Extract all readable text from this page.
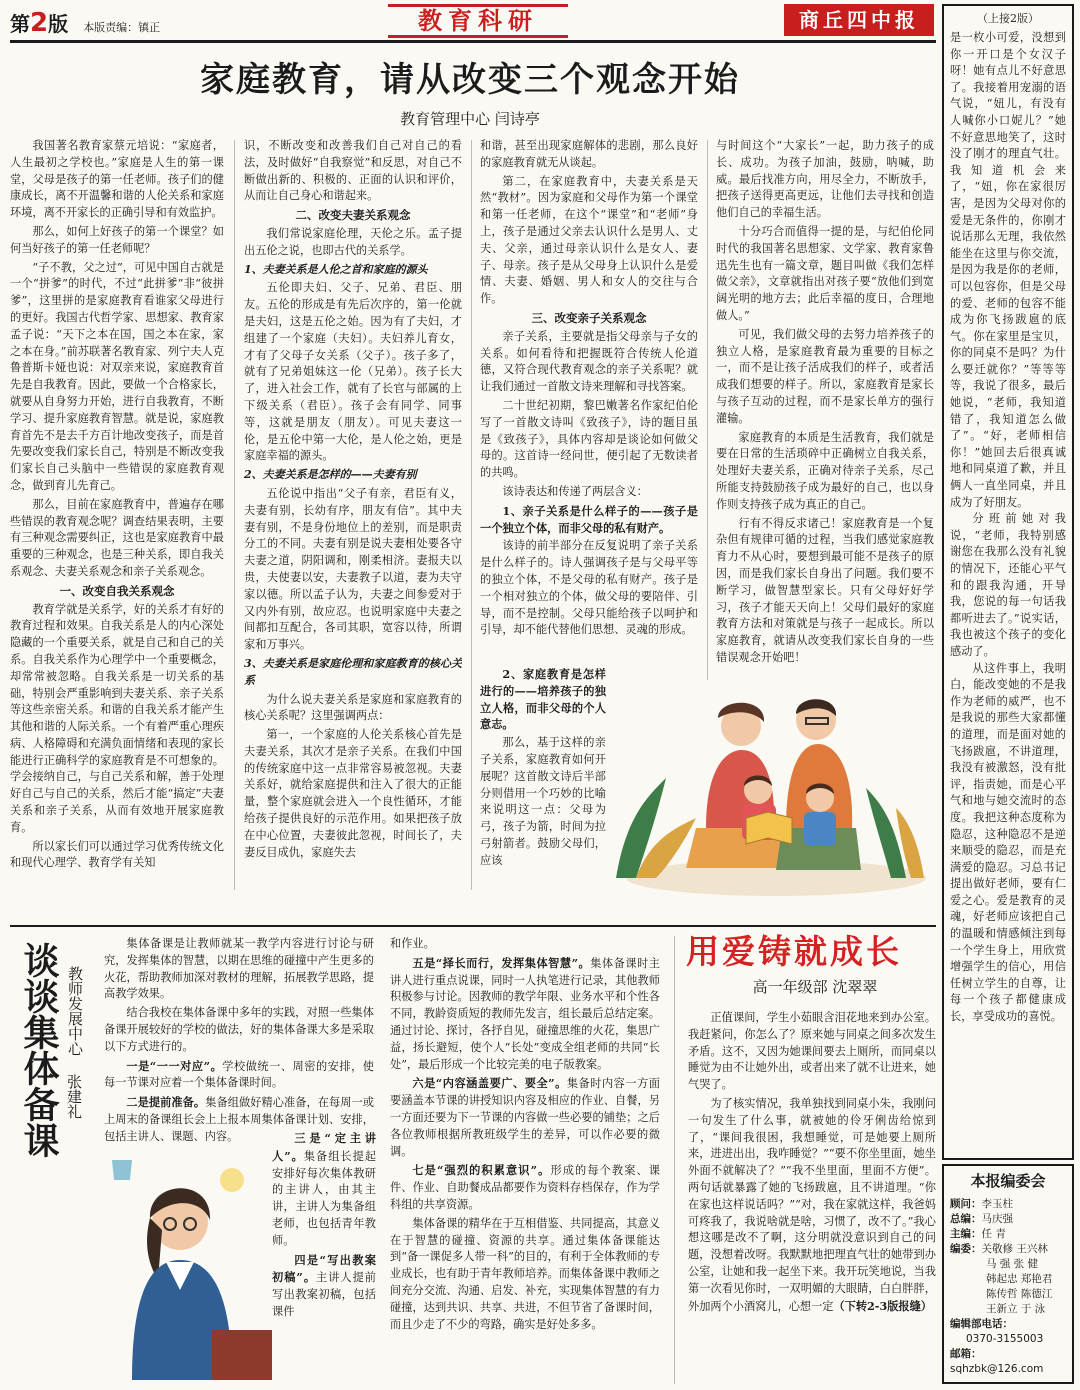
第2版 本版责编：镇正	教育科研	商丘四中报
家庭教育，请从改变三个观念开始
教育管理中心 闫诗亭

我国著名教育家蔡元培说：“家庭者，人生最初之学校也。”家庭是人生的第一课堂，父母是孩子的第一任老师。孩子们的健康成长，离不开温馨和谐的人伦关系和家庭环境，离不开家长的正确引导和有效监护。

那么，如何上好孩子的第一个课堂？如何当好孩子的第一任老师呢？

“子不教，父之过”，可见中国自古就是一个“拼爹”的时代，不过“此拼爹”非“彼拼爹”，这里拼的是家庭教育看谁家父母进行的更好。我国古代哲学家、思想家、教育家孟子说：“天下之本在国，国之本在家，家之本在身。”前苏联著名教育家、列宁夫人克鲁普斯卡娅也说：对双亲来说，家庭教育首先是自我教育。因此，要做一个合格家长，就要从自身努力开始，进行自我教育，不断学习、提升家庭教育智慧。就是说，家庭教育首先不是去千方百计地改变孩子，而是首先要改变我们家长自己，特别是不断改变我们家长自己头脑中一些错误的家庭教育观念，做到育儿先育己。

那么，目前在家庭教育中，普遍存在哪些错误的教育观念呢？调查结果表明，主要有三种观念需要纠正，这也是家庭教育中最重要的三种观念，也是三种关系，即自我关系观念、夫妻关系观念和亲子关系观念。

一、改变自我关系观念

教育学就是关系学，好的关系才有好的教育过程和效果。自我关系是人的内心深处隐藏的一个重要关系，就是自己和自己的关系。自我关系作为心理学中一个重要概念，却常常被忽略。自我关系是一切关系的基础，特别会严重影响到夫妻关系、亲子关系等这些亲密关系。和谐的自我关系才能产生其他和谐的人际关系。一个有着严重心理疾病、人格障碍和充满负面情绪和表现的家长能进行正确科学的家庭教育是不可想象的。学会接纳自己，与自己关系和解，善于处理好自己与自己的关系，然后才能“搞定”夫妻关系和亲子关系，从而有效地开展家庭教育。

所以家长们可以通过学习优秀传统文化和现代心理学、教育学有关知

识，不断改变和改善我们自己对自己的看法，及时做好“自我察觉”和反思，对自己不断做出新的、积极的、正面的认识和评价，从而让自己身心和谐起来。

二、改变夫妻关系观念

我们常说家庭伦理，天伦之乐。孟子提出五伦之说，也即古代的关系学。

1、夫妻关系是人伦之首和家庭的源头

五伦即夫妇、父子、兄弟、君臣、朋友。五伦的形成是有先后次序的，第一伦就是夫妇，这是五伦之始。因为有了夫妇，才组建了一个家庭（夫妇）。夫妇养儿育女，才有了父母子女关系（父子）。孩子多了，就有了兄弟姐妹这一伦（兄弟）。孩子长大了，进入社会工作，就有了长官与部属的上下级关系（君臣）。孩子会有同学、同事等，这就是朋友（朋友）。可见夫妻这一伦，是五伦中第一大伦，是人伦之始，更是家庭幸福的源头。

2、夫妻关系是怎样的——夫妻有别

五伦说中指出“父子有亲，君臣有义，夫妻有别，长幼有序，朋友有信”。其中夫妻有别，不是身份地位上的差别，而是职责分工的不同。夫妻有别是说夫妻相处要各守夫妻之道，阴阳调和，刚柔相济。妻报夫以贵，夫使妻以安，夫妻教子以道，妻为夫守家以德。所以孟子认为，夫妻之间参爱对于又内外有别，故应忍。也说明家庭中夫妻之间都扣互配合，各司其职，宽容以待，所谓家和万事兴。

3、夫妻关系是家庭伦理和家庭教育的核心关系

为什么说夫妻关系是家庭和家庭教育的核心关系呢？这里强调两点：

第一，一个家庭的人伦关系核心首先是夫妻关系，其次才是亲子关系。在我们中国的传统家庭中这一点非常容易被忽视。夫妻关系好，就给家庭提供和注入了很大的正能量，整个家庭就会进入一个良性循环，才能给孩子提供良好的示范作用。如果把孩子放在中心位置，夫妻彼此忽视，时间长了，夫妻反目成仇，家庭失去

和谐，甚至出现家庭解体的悲剧，那么良好的家庭教育就无从谈起。

第二，在家庭教育中，夫妻关系是天然“教材”。因为家庭和父母作为第一个课堂和第一任老师，在这个“课堂”和“老师”身上，孩子是通过父亲去认识什么是男人、丈夫、父亲，通过母亲认识什么是女人、妻子、母亲。孩子是从父母身上认识什么是爱情、夫妻、婚姻、男人和女人的交往与合作。

三、改变亲子关系观念

亲子关系，主要就是指父母亲与子女的关系。如何看待和把握既符合传统人伦道德，又符合现代教育观念的亲子关系呢？就让我们通过一首散文诗来理解和寻找答案。

二十世纪初期，黎巴嫩著名作家纪伯伦写了一首散文诗叫《致孩子》，诗的题目虽是《致孩子》，具体内容却是谈论如何做父母的。这首诗一经问世，便引起了无数读者的共鸣。

该诗表达和传递了两层含义：

1、亲子关系是什么样子的——孩子是一个独立个体，而非父母的私有财产。

该诗的前半部分在反复说明了亲子关系是什么样子的。诗人强调孩子是与父母平等的独立个体，不是父母的私有财产。孩子是一个相对独立的个体，做父母的要陪伴、引导，而不是控制。父母只能给孩子以呵护和引导，却不能代替他们思想、灵魂的形成。

2、家庭教育是怎样进行的——培养孩子的独立人格，而非父母的个人意志。

那么，基于这样的亲子关系，家庭教育如何开展呢？这首散文诗后半部分则借用一个巧妙的比喻来说明这一点：父母为弓，孩子为箭，时间为拉弓射箭者。鼓励父母们，应该

与时间这个“大家长”一起，助力孩子的成长、成功。为孩子加油，鼓励，呐喊，助威。最后找准方向，用尽全力，不断放手，把孩子送得更高更远，让他们去寻找和创造他们自己的幸福生活。

十分巧合而值得一提的是，与纪伯伦同时代的我国著名思想家、文学家、教育家鲁迅先生也有一篇文章，题目叫做《我们怎样做父亲》，文章就指出对孩子要“放他们到宽阔光明的地方去；此后幸福的度日，合理地做人。”

可见，我们做父母的去努力培养孩子的独立人格，是家庭教育最为重要的目标之一，而不是让孩子活成我们的样子，或者活成我们想要的样子。所以，家庭教育是家长与孩子互动的过程，而不是家长单方的强行灌输。

家庭教育的本质是生活教育，我们就是要在日常的生活琐碎中正确树立自我关系，处理好夫妻关系，正确对待亲子关系，尽己所能支持鼓励孩子成为最好的自己，也以身作则支持孩子成为真正的自己。

行有不得反求诸己！家庭教育是一个复杂但有规律可循的过程，当我们感觉家庭教育力不从心时，要想到最可能不是孩子的原因，而是我们家长自身出了问题。我们要不断学习，做智慧型家长。只有父母好好学习，孩子才能天天向上！父母们最好的家庭教育方法和对策就是与孩子一起成长。所以家庭教育，就请从改变我们家长自身的一些错误观念开始吧！

（上接2版）

是一枚小可爱，没想到你一开口是个女汉子呀！她有点儿不好意思了。我接着用宠溺的语气说，“妞儿，有没有人喊你小口妮儿？”她不好意思地笑了，这时没了刚才的理直气壮。我知道机会来了，“妞，你在家很厉害，是因为父母对你的爱是无条件的，你刚才说话那么无理，我依然能坐在这里与你交流，是因为我是你的老师，可以包容你，但是父母的爱、老师的包容不能成为你飞扬跋扈的底气。你在家里是宝贝，你的同桌不是吗？为什么要迁就你？”等等等等，我说了很多，最后她说，“老师，我知道错了，我知道怎么做了”。“好，老师相信你！”她回去后很真诚地和同桌道了歉，并且俩人一直坐同桌，并且成为了好朋友。

分班前她对我说，“老师，我特别感谢您在我那么没有礼貌的情况下，还能心平气和的跟我沟通，开导我，您说的每一句话我都听进去了。”说实话，我也被这个孩子的变化感动了。

从这件事上，我明白，能改变她的不是我作为老师的威严，也不是我说的那些大家都懂的道理，而是面对她的飞扬跋扈，不讲道理，我没有被激怒，没有批评，指责她，而是心平气和地与她交流时的态度。我把这种态度称为隐忍，这种隐忍不是逆来顺受的隐忍，而是充满爱的隐忍。习总书记提出做好老师，要有仁爱之心。爱是教育的灵魂，好老师应该把自己的温暖和情感倾注到每一个学生身上，用欣赏增强学生的信心，用信任树立学生的自尊，让每一个孩子都健康成长，享受成功的喜悦。

本报编委会
顾问：李玉柱
总编：马庆强
主编：任 青
编委：关敬修 王兴林
马 强 张 健
韩起忠 郑艳君
陈传哲 陈德江
王新立 于 泳
编辑部电话：
0370-3155003
邮箱：sqhzbk@126.com
谈谈集体备课 教师发展中心
张建礼

集体备课是让教师就某一教学内容进行讨论与研究，发挥集体的智慧，以期在思维的碰撞中产生更多的火花，帮助教师加深对教材的理解，拓展教学思路，提高教学效果。

结合我校在集体备课中多年的实践，对照一些集体备课开展较好的学校的做法，好的集体备课大多是采取以下方式进行的。

一是“一一对应”。学校做统一、周密的安排，使每一节课对应着一个集体备课时间。

二是提前准备。集备组做好精心准备，在每周一或上周末的备课组长会上上报本周集体备课计划、安排，包括主讲人、课题、内容。	三是“定主讲人”。集备组长提起安排好每次集体教研的主讲人，由其主讲，主讲人为集备组老师，也包括青年教师。

四是“写出教案初稿”。主讲人提前写出教案初稿，包括课件

和作业。

五是“择长而行，发挥集体智慧”。集体备课时主讲人进行重点说课，同时一人执笔进行记录，其他教师积极参与讨论。因教师的教学年限、业务水平和个性各不同，教龄资质短的教师先发言，组长最后总结定案。通过讨论、探讨，各抒自见，碰撞思维的火花，集思广益，扬长避短，使个人“长处”变成全组老师的共同“长处”，最后形成一个比较完美的电子版教案。

六是“内容涵盖要广、要全”。集备时内容一方面要涵盖本节课的讲授知识内容及相应的作业、自餐，另一方面还要为下一节课的内容做一些必要的铺垫；之后各位教师根据所教班级学生的差异，可以作必要的微调。

七是“强烈的积累意识”。形成的每个教案、课件、作业、自助餐成品都要作为资料存档保存，作为学科组的共享资源。

集体备课的精华在于互相借鉴、共同提高，其意义在于智慧的碰撞、资源的共享。通过集体备课能达到“备一课促多人带一科”的目的，有利于全体教师的专业成长，也有助于青年教师培养。而集体备课中教师之间充分交流、沟通、启发、补充，实现集体智慧的有力碰撞，达到共识、共享、共进，不但节省了备课时间，而且少走了不少的弯路，确实是好处多多。

用爱铸就成长
高一年级部 沈翠翠

正值课间，学生小茹眼含泪花地来到办公室。我赶紧问，你怎么了？原来她与同桌之间多次发生矛盾。这不，又因为她课间要去上厕所，而同桌以睡觉为由不让她外出，或者出来了就不让进来，她气哭了。

为了核实情况，我单独找到同桌小朱，我刚问一句发生了什么事，就被她的伶牙俐齿给惊到了，“课间我很困，我想睡觉，可是她要上厕所来，进进出出，我咋睡觉？”“要不你坐里面，她坐外面不就解决了？”“我不坐里面，里面不方便”。两句话就暴露了她的飞扬跋扈，且不讲道理。“你在家也这样说话吗？”“对，我在家就这样，我爸妈可疼我了，我说啥就是啥，习惯了，改不了。”我心想这哪是改不了啊，这分明就没意识到自己的问题，没想着改呀。我默默地把理直气壮的她带到办公室，让她和我一起坐下来。我开玩笑地说，当我第一次看见你时，一双明媚的大眼睛，白白胖胖，外加两个小酒窝儿，心想一定（下转2-3版报缝）
